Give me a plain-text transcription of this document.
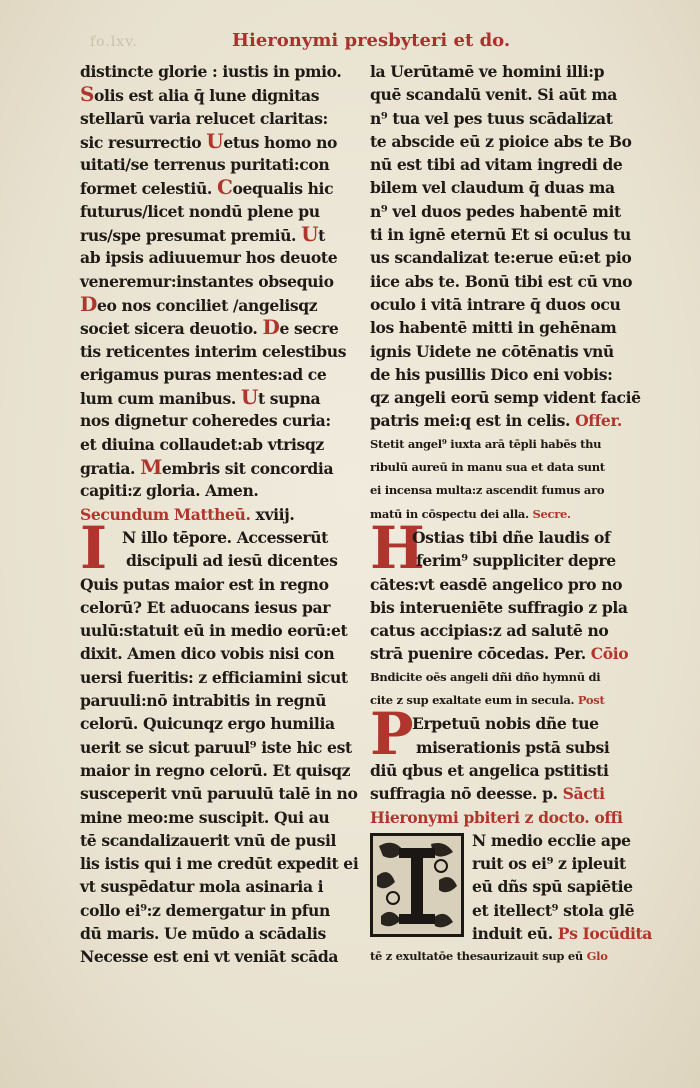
fo.lxv.	Hieronymi presbyteri et do.
distincte glorie : iustis in pmio.
Solis est alia q̄ lune dignitas
stellarū varia relucet claritas:
sic resurrectio Uetus homo no
uitati/se terrenus puritati:con
formet celestiū. Coequalis hic
futurus/licet nondū plene pu
rus/spe presumat premiū. Ut
ab ipsis adiuuemur hos deuote
veneremur:instantes obsequio
Deo nos conciliet /angelisqz
societ sicera deuotio. De secre
tis reticentes interim celestibus
erigamus puras mentes:ad ce
lum cum manibus. Ut supna
nos dignetur coheredes curia:
et diuina collaudet:ab vtrisqz
gratia. Membris sit concordia
capiti:z gloria. Amen.
Secundum Mattheū. xviij.
I N illo tēpore. Accesserūt
discipuli ad iesū dicentes
Quis putas maior est in regno
celorū? Et aduocans iesus par
uulū:statuit eū in medio eorū:et
dixit. Amen dico vobis nisi con
uersi fueritis: z efficiamini sicut
paruuli:nō intrabitis in regnū
celorū. Quicunqz ergo humilia
uerit se sicut paruul⁹ iste hic est
maior in regno celorū. Et quisqz
susceperit vnū paruulū talē in no
mine meo:me suscipit. Qui au
tē scandalizauerit vnū de pusil
lis istis qui i me credūt expedit ei
vt suspēdatur mola asinaria i
collo ei⁹:z demergatur in pfun
dū maris. Ue mūdo a scādalis
Necesse est eni vt veniāt scāda
la Uerūtamē ve homini illi:p
quē scandalū venit. Si aūt ma
n⁹ tua vel pes tuus scādalizat
te abscide eū z pioice abs te Bo
nū est tibi ad vitam ingredi de
bilem vel claudum q̄ duas ma
n⁹ vel duos pedes habentē mit
ti in ignē eternū Et si oculus tu
us scandalizat te:erue eū:et pio
iice abs te. Bonū tibi est cū vno
oculo i vitā intrare q̄ duos ocu
los habentē mitti in gehēnam
ignis Uidete ne cōtēnatis vnū
de his pusillis Dico eni vobis:
qz angeli eorū semp vident faciē
patris mei:q est in celis. Offer.
Stetit angel⁹ iuxta arā tēpli habēs thu
ribulū aureū in manu sua et data sunt
ei incensa multa:z ascendit fumus aro
matū in cōspectu dei alla. Secre.
H
Ostias tibi dñe laudis of
ferim⁹ suppliciter depre
cātes:vt easdē angelico pro no
bis interueniēte suffragio z pla
catus accipias:z ad salutē no
strā puenire cōcedas. Per. Cōio
Bndicite oēs angeli dñi dño hymnū di
cite z sup exaltate eum in secula. Post
P
Erpetuū nobis dñe tue
miserationis pstā subsi
diū qbus et angelica pstitisti
suffragia nō deesse. p. Sācti
Hieronymi pbiteri z docto. offi
N medio ecclie ape
ruit os ei⁹ z ipleuit
eū dñs spū sapiētie
et itellect⁹ stola glē
induit eū. Ps Iocūdita
tē z exultatōe thesaurizauit sup eū Glo
